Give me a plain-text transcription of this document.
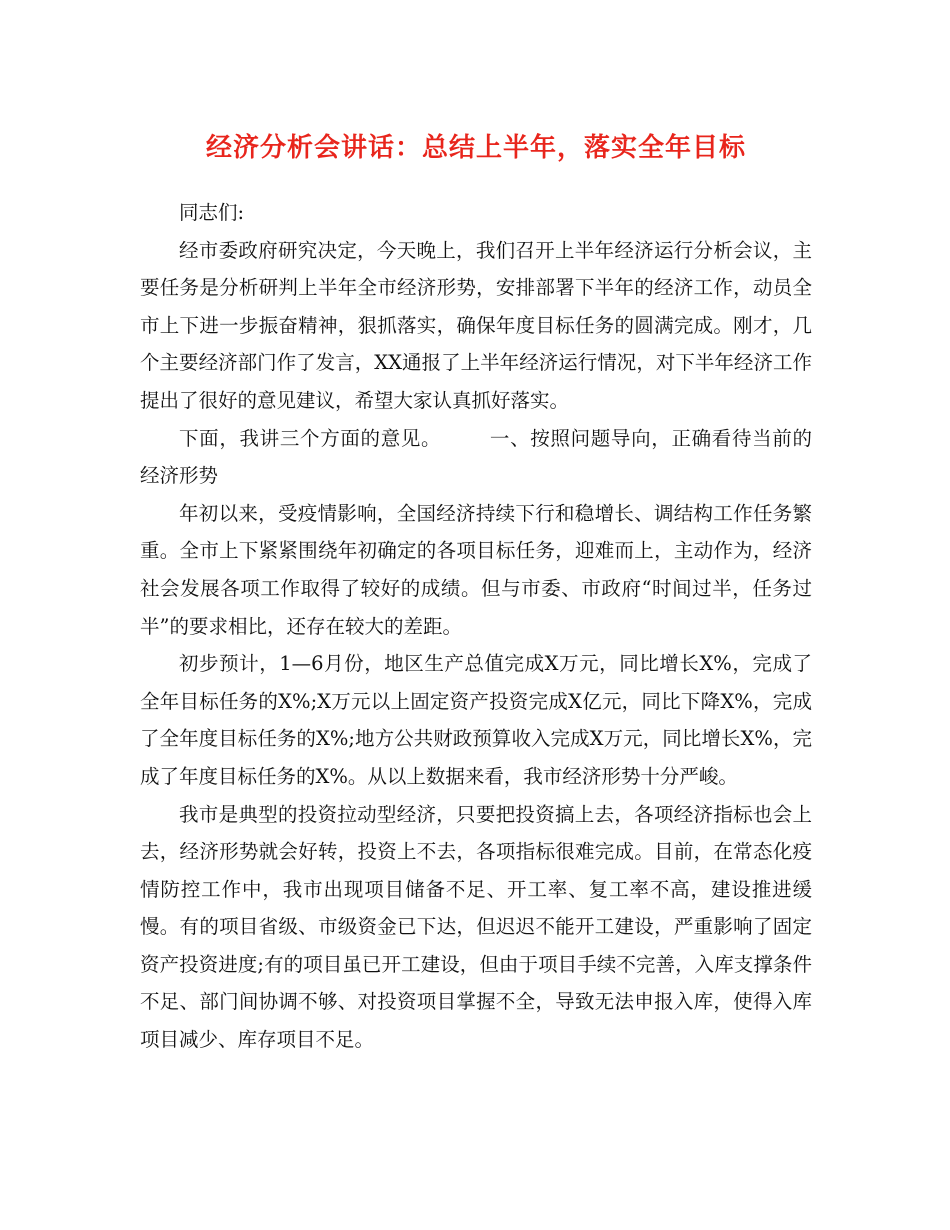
经济分析会讲话：总结上半年，落实全年目标

同志们:

经市委政府研究决定，今天晚上，我们召开上半年经济运行分析会议，主要任务是分析研判上半年全市经济形势，安排部署下半年的经济工作，动员全市上下进一步振奋精神，狠抓落实，确保年度目标任务的圆满完成。刚才，几个主要经济部门作了发言，XX通报了上半年经济运行情况，对下半年经济工作提出了很好的意见建议，希望大家认真抓好落实。

下面，我讲三个方面的意见。 一、按照问题导向，正确看待当前的经济形势

年初以来，受疫情影响，全国经济持续下行和稳增长、调结构工作任务繁重。全市上下紧紧围绕年初确定的各项目标任务，迎难而上，主动作为，经济社会发展各项工作取得了较好的成绩。但与市委、市政府“时间过半，任务过半”的要求相比，还存在较大的差距。

初步预计，1—6月份，地区生产总值完成X万元，同比增长X%，完成了全年目标任务的X%;X万元以上固定资产投资完成X亿元，同比下降X%，完成了全年度目标任务的X%;地方公共财政预算收入完成X万元，同比增长X%，完成了年度目标任务的X%。从以上数据来看，我市经济形势十分严峻。

我市是典型的投资拉动型经济，只要把投资搞上去，各项经济指标也会上去，经济形势就会好转，投资上不去，各项指标很难完成。目前，在常态化疫情防控工作中，我市出现项目储备不足、开工率、复工率不高，建设推进缓慢。有的项目省级、市级资金已下达，但迟迟不能开工建设，严重影响了固定资产投资进度;有的项目虽已开工建设，但由于项目手续不完善，入库支撑条件不足、部门间协调不够、对投资项目掌握不全，导致无法申报入库，使得入库项目减少、库存项目不足。
